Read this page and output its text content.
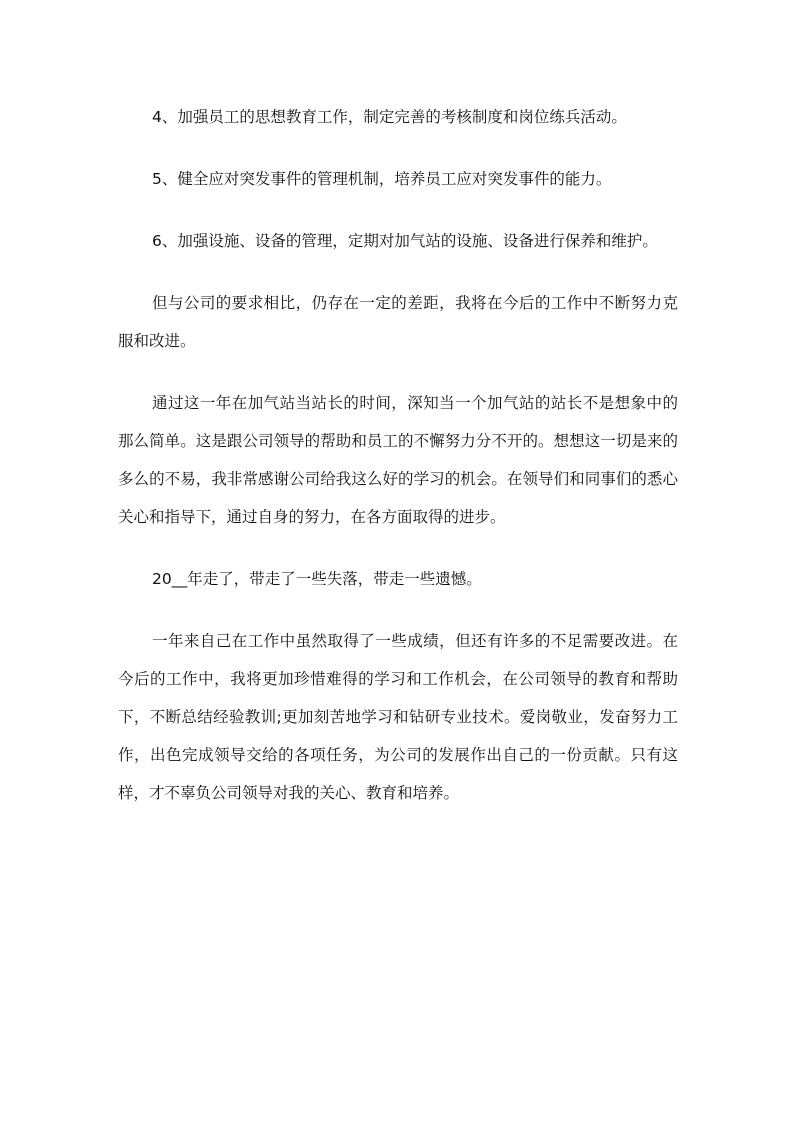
4、加强员工的思想教育工作，制定完善的考核制度和岗位练兵活动。

5、健全应对突发事件的管理机制，培养员工应对突发事件的能力。

6、加强设施、设备的管理，定期对加气站的设施、设备进行保养和维护。

但与公司的要求相比，仍存在一定的差距，我将在今后的工作中不断努力克服和改进。

通过这一年在加气站当站长的时间，深知当一个加气站的站长不是想象中的那么简单。这是跟公司领导的帮助和员工的不懈努力分不开的。想想这一切是来的多么的不易，我非常感谢公司给我这么好的学习的机会。在领导们和同事们的悉心关心和指导下，通过自身的努力，在各方面取得的进步。

20__年走了，带走了一些失落，带走一些遗憾。

一年来自己在工作中虽然取得了一些成绩，但还有许多的不足需要改进。在今后的工作中，我将更加珍惜难得的学习和工作机会，在公司领导的教育和帮助下，不断总结经验教训;更加刻苦地学习和钻研专业技术。爱岗敬业，发奋努力工作，出色完成领导交给的各项任务，为公司的发展作出自己的一份贡献。只有这样，才不辜负公司领导对我的关心、教育和培养。
